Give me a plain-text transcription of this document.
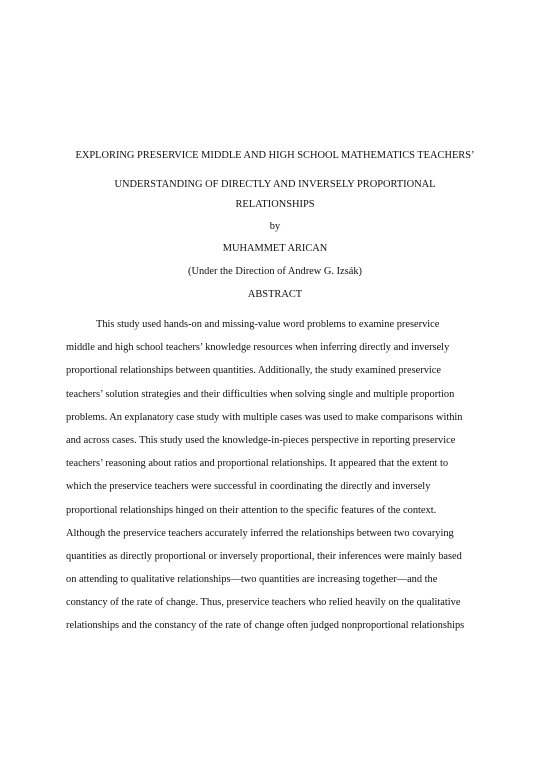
EXPLORING PRESERVICE MIDDLE AND HIGH SCHOOL MATHEMATICS TEACHERS’
UNDERSTANDING OF DIRECTLY AND INVERSELY PROPORTIONAL
RELATIONSHIPS
by
MUHAMMET ARICAN
(Under the Direction of Andrew G. Izsák)
ABSTRACT
This study used hands-on and missing-value word problems to examine preservice
middle and high school teachers’ knowledge resources when inferring directly and inversely
proportional relationships between quantities. Additionally, the study examined preservice
teachers’ solution strategies and their difficulties when solving single and multiple proportion
problems. An explanatory case study with multiple cases was used to make comparisons within
and across cases. This study used the knowledge-in-pieces perspective in reporting preservice
teachers’ reasoning about ratios and proportional relationships. It appeared that the extent to
which the preservice teachers were successful in coordinating the directly and inversely
proportional relationships hinged on their attention to the specific features of the context.
Although the preservice teachers accurately inferred the relationships between two covarying
quantities as directly proportional or inversely proportional, their inferences were mainly based
on attending to qualitative relationships—two quantities are increasing together—and the
constancy of the rate of change. Thus, preservice teachers who relied heavily on the qualitative
relationships and the constancy of the rate of change often judged nonproportional relationships
